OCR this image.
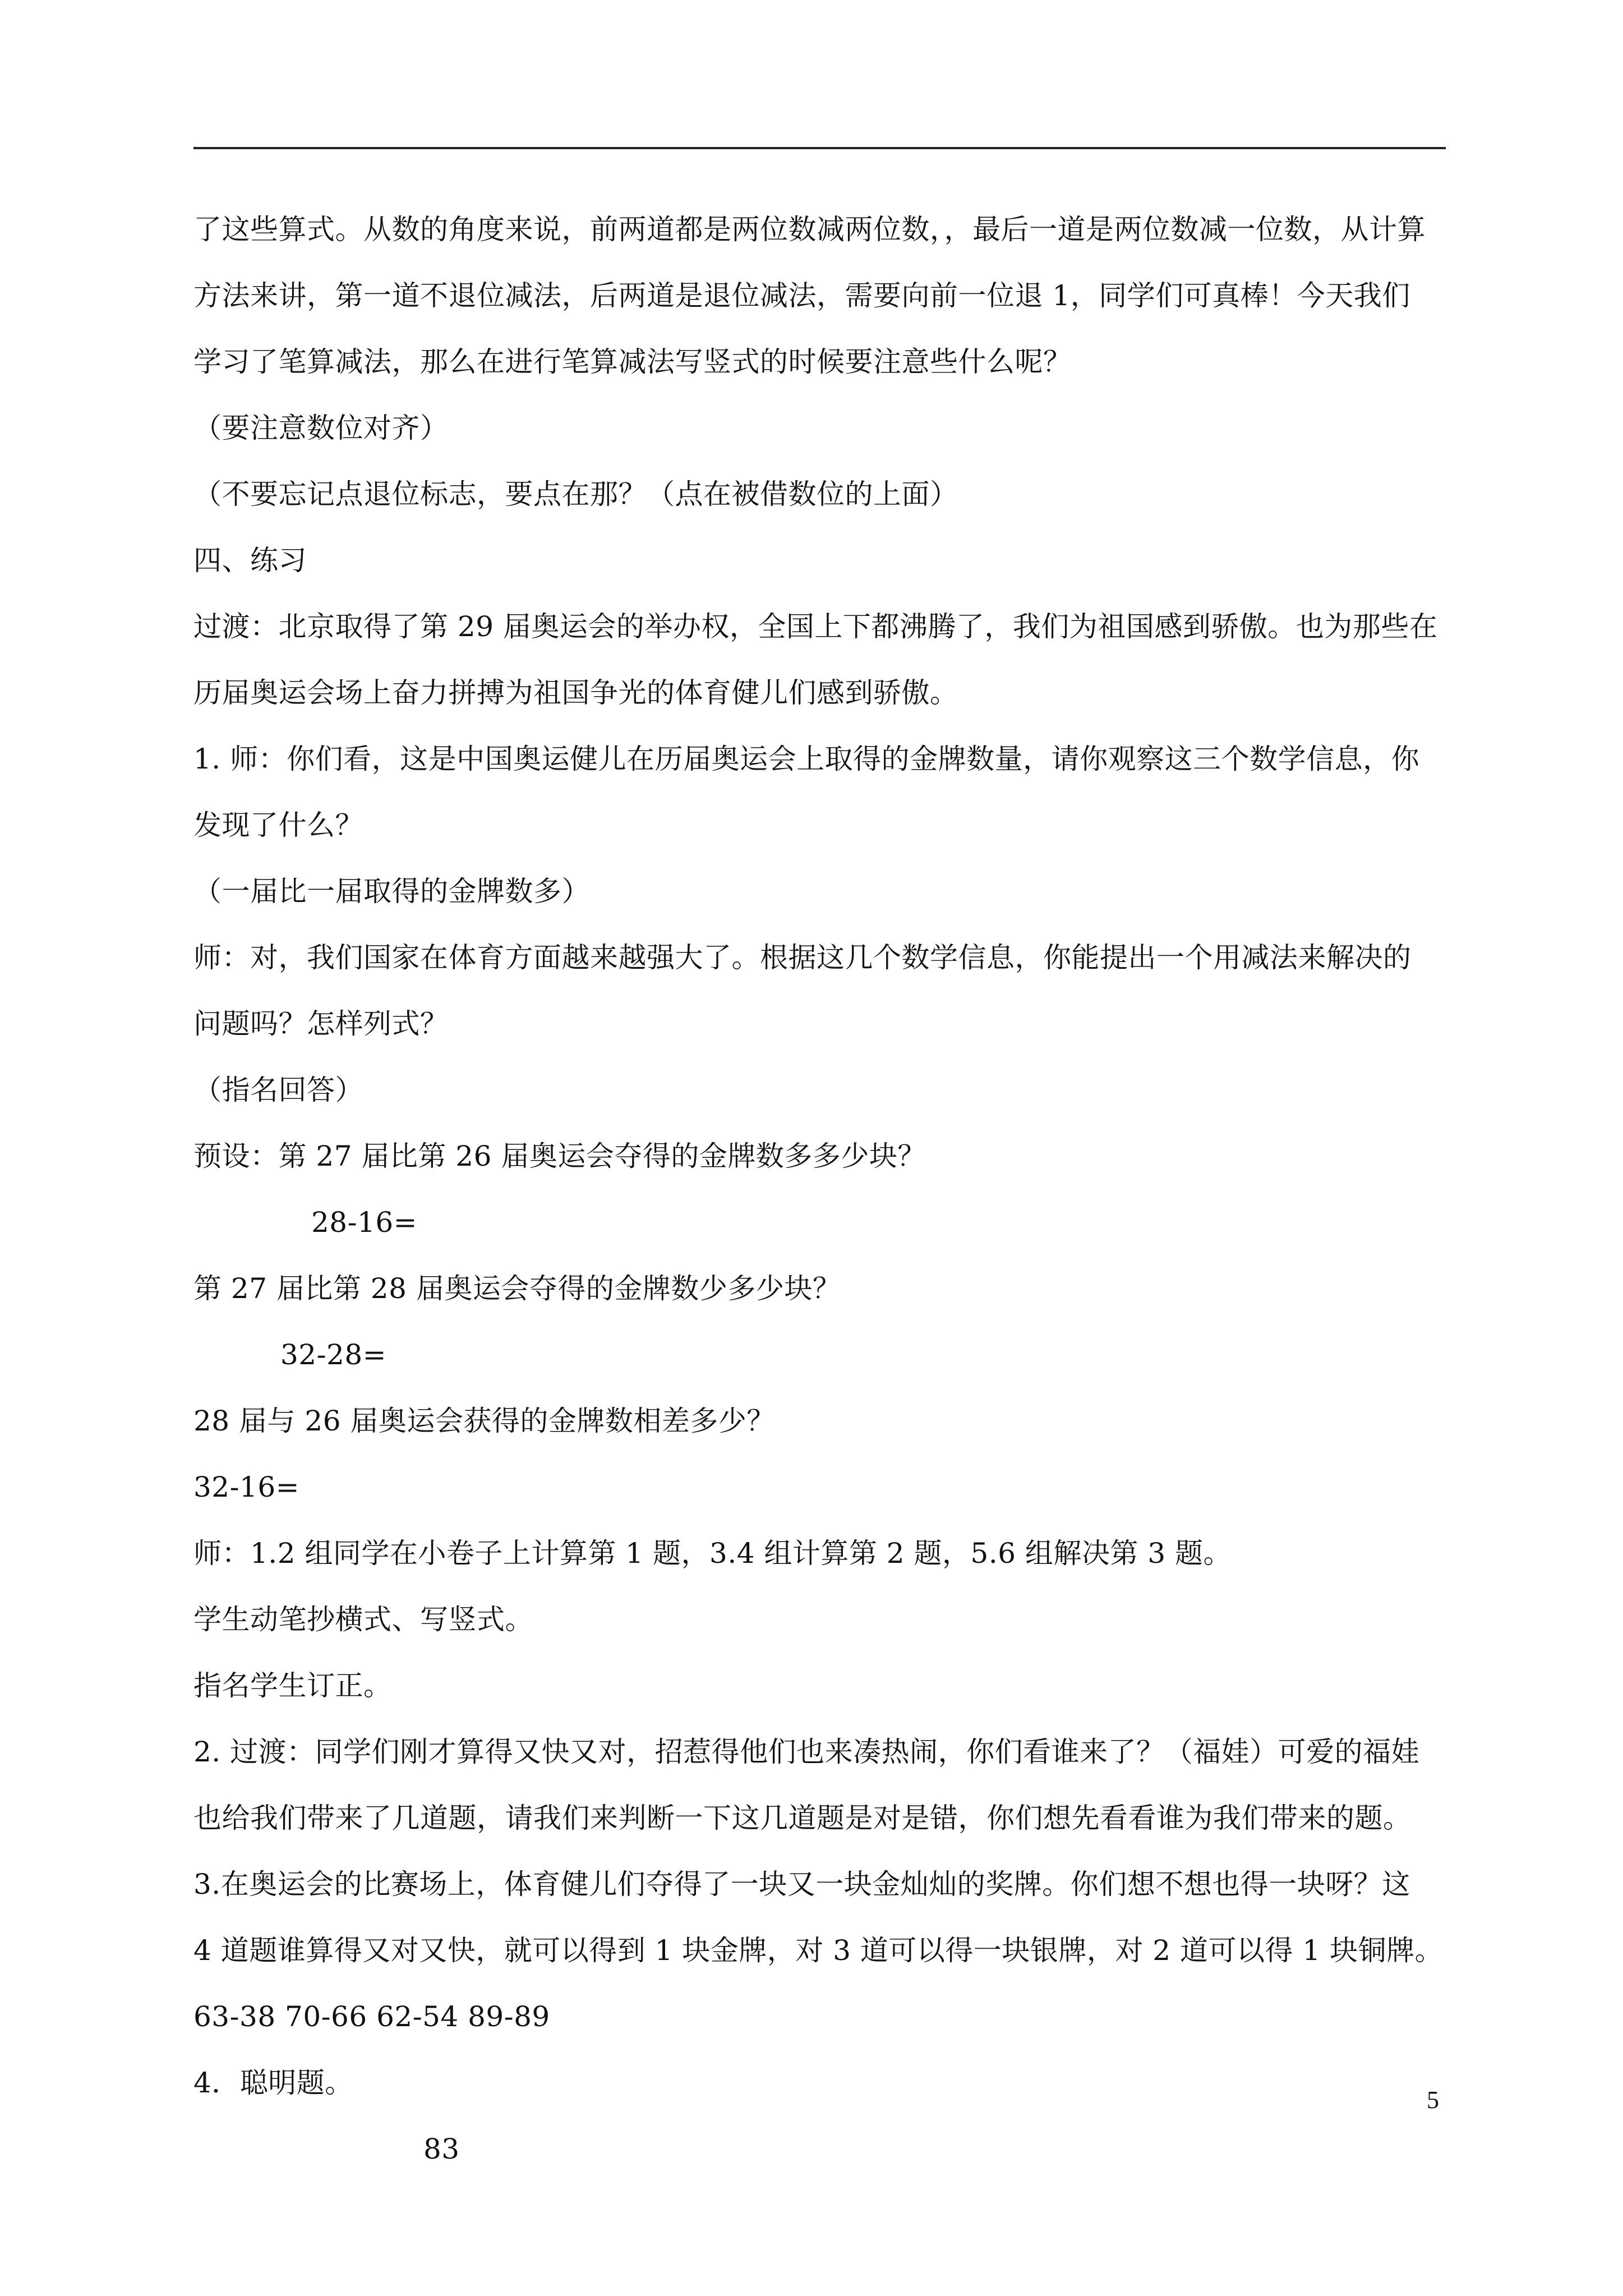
了这些算式。从数的角度来说，前两道都是两位数减两位数，，最后一道是两位数减一位数，从计算

方法来讲，第一道不退位减法，后两道是退位减法，需要向前一位退 1，同学们可真棒！今天我们

学习了笔算减法，那么在进行笔算减法写竖式的时候要注意些什么呢？

（要注意数位对齐）

（不要忘记点退位标志，要点在那？（点在被借数位的上面）

四、练习

过渡：北京取得了第 29 届奥运会的举办权，全国上下都沸腾了，我们为祖国感到骄傲。也为那些在

历届奥运会场上奋力拼搏为祖国争光的体育健儿们感到骄傲。

1. 师：你们看，这是中国奥运健儿在历届奥运会上取得的金牌数量，请你观察这三个数学信息，你

发现了什么？

（一届比一届取得的金牌数多）

师：对，我们国家在体育方面越来越强大了。根据这几个数学信息，你能提出一个用减法来解决的

问题吗？怎样列式？

（指名回答）

预设：第 27 届比第 26 届奥运会夺得的金牌数多多少块？

28-16=

第 27 届比第 28 届奥运会夺得的金牌数少多少块？

32-28=

28 届与 26 届奥运会获得的金牌数相差多少？

32-16=

师：1.2 组同学在小卷子上计算第 1 题，3.4 组计算第 2 题，5.6 组解决第 3 题。

学生动笔抄横式、写竖式。

指名学生订正。

2. 过渡：同学们刚才算得又快又对，招惹得他们也来凑热闹，你们看谁来了？（福娃）可爱的福娃

也给我们带来了几道题，请我们来判断一下这几道题是对是错，你们想先看看谁为我们带来的题。

3.在奥运会的比赛场上，体育健儿们夺得了一块又一块金灿灿的奖牌。你们想不想也得一块呀？这

4 道题谁算得又对又快，就可以得到 1 块金牌，对 3 道可以得一块银牌，对 2 道可以得 1 块铜牌。

63-38 70-66 62-54 89-89

4．聪明题。

83

5
